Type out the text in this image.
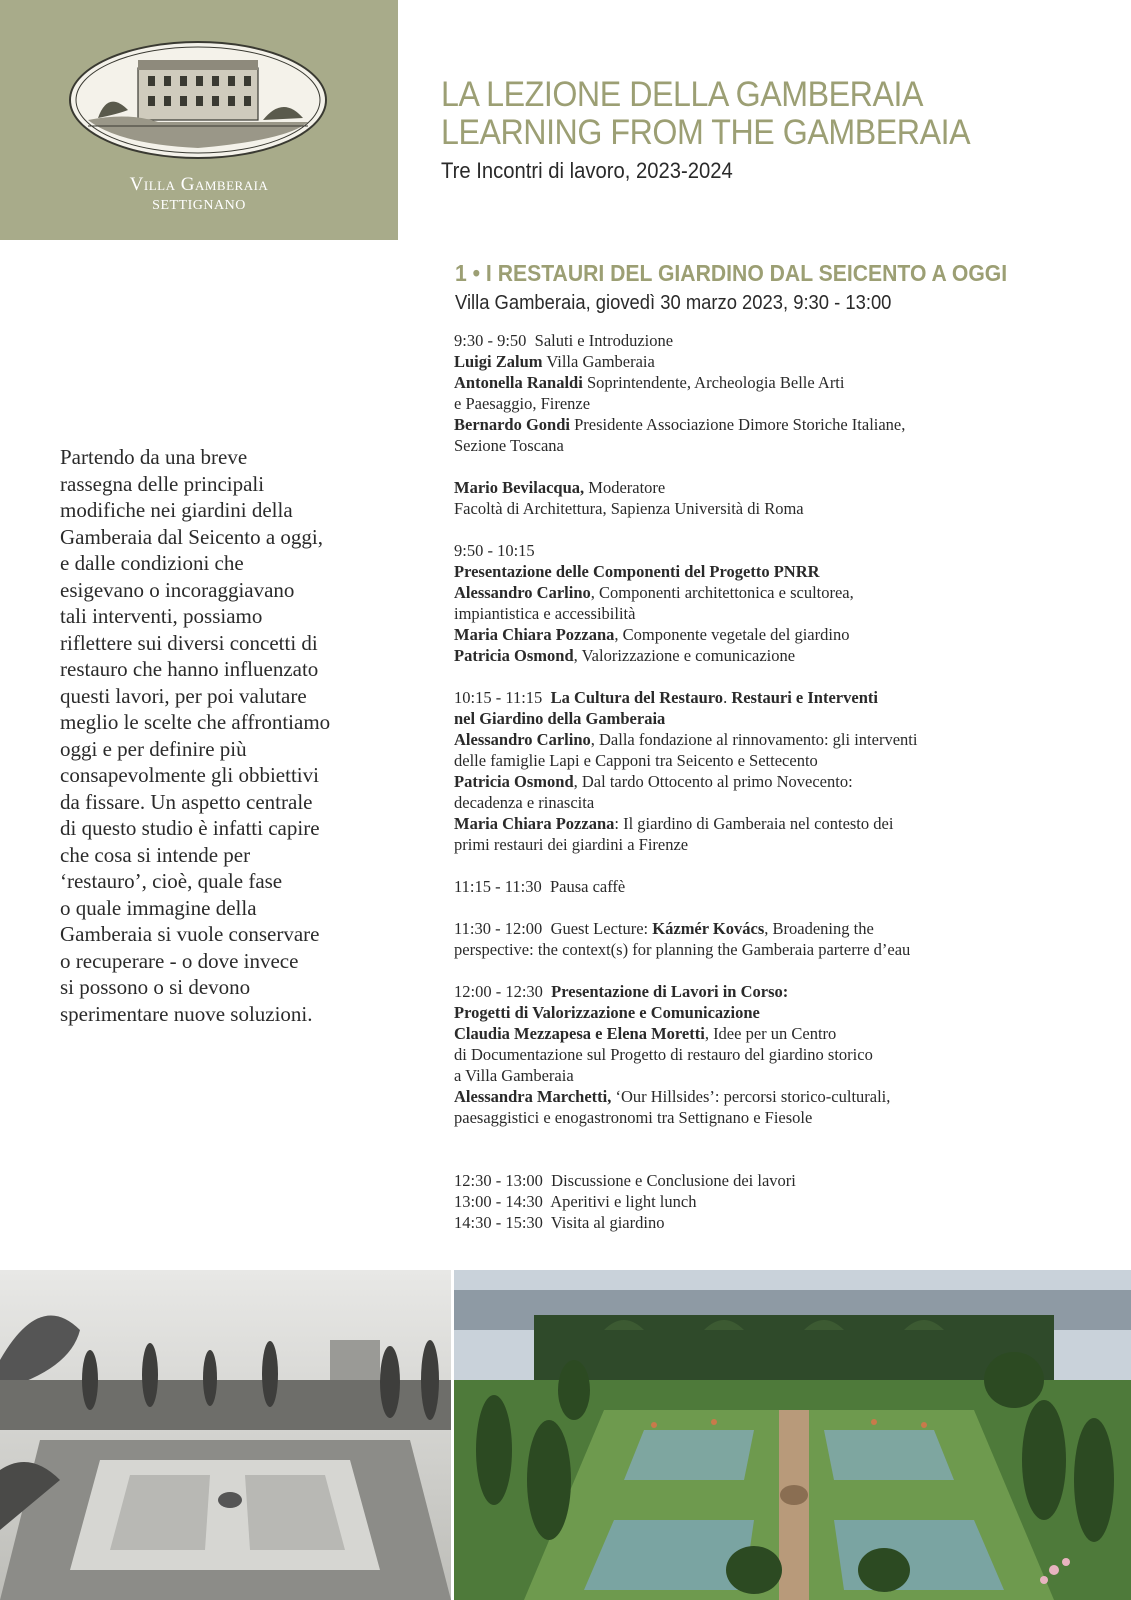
Villa Gamberaia
SETTIGNANO
LA LEZIONE DELLA GAMBERAIA
LEARNING FROM THE GAMBERAIA
Tre Incontri di lavoro, 2023-2024
1 • I RESTAURI DEL GIARDINO DAL SEICENTO A OGGI
Villa Gamberaia, giovedì 30 marzo 2023, 9:30 - 13:00
Partendo da una breve
rassegna delle principali
modifiche nei giardini della
Gamberaia dal Seicento a oggi,
e dalle condizioni che
esigevano o incoraggiavano
tali interventi, possiamo
riflettere sui diversi concetti di
restauro che hanno influenzato
questi lavori, per poi valutare
meglio le scelte che affrontiamo
oggi e per definire più
consapevolmente gli obbiettivi
da fissare. Un aspetto centrale
di questo studio è infatti capire
che cosa si intende per
‘restauro’, cioè, quale fase
o quale immagine della
Gamberaia si vuole conservare
o recuperare - o dove invece
si possono o si devono
sperimentare nuove soluzioni.
9:30 - 9:50 Saluti e Introduzione
Luigi Zalum Villa Gamberaia
Antonella Ranaldi Soprintendente, Archeologia Belle Arti
e Paesaggio, Firenze
Bernardo Gondi Presidente Associazione Dimore Storiche Italiane,
Sezione Toscana
Mario Bevilacqua, Moderatore
Facoltà di Architettura, Sapienza Università di Roma
9:50 - 10:15
Presentazione delle Componenti del Progetto PNRR
Alessandro Carlino, Componenti architettonica e scultorea,
impiantistica e accessibilità
Maria Chiara Pozzana, Componente vegetale del giardino
Patricia Osmond, Valorizzazione e comunicazione
10:15 - 11:15 La Cultura del Restauro. Restauri e Interventi
nel Giardino della Gamberaia
Alessandro Carlino, Dalla fondazione al rinnovamento: gli interventi
delle famiglie Lapi e Capponi tra Seicento e Settecento
Patricia Osmond, Dal tardo Ottocento al primo Novecento:
decadenza e rinascita
Maria Chiara Pozzana: Il giardino di Gamberaia nel contesto dei
primi restauri dei giardini a Firenze
11:15 - 11:30 Pausa caffè
11:30 - 12:00 Guest Lecture: Kázmér Kovács, Broadening the
perspective: the context(s) for planning the Gamberaia parterre d’eau
12:00 - 12:30 Presentazione di Lavori in Corso:
Progetti di Valorizzazione e Comunicazione
Claudia Mezzapesa e Elena Moretti, Idee per un Centro
di Documentazione sul Progetto di restauro del giardino storico
a Villa Gamberaia
Alessandra Marchetti, ‘Our Hillsides’: percorsi storico-culturali,
paesaggistici e enogastronomi tra Settignano e Fiesole
12:30 - 13:00 Discussione e Conclusione dei lavori
13:00 - 14:30 Aperitivi e light lunch
14:30 - 15:30 Visita al giardino
